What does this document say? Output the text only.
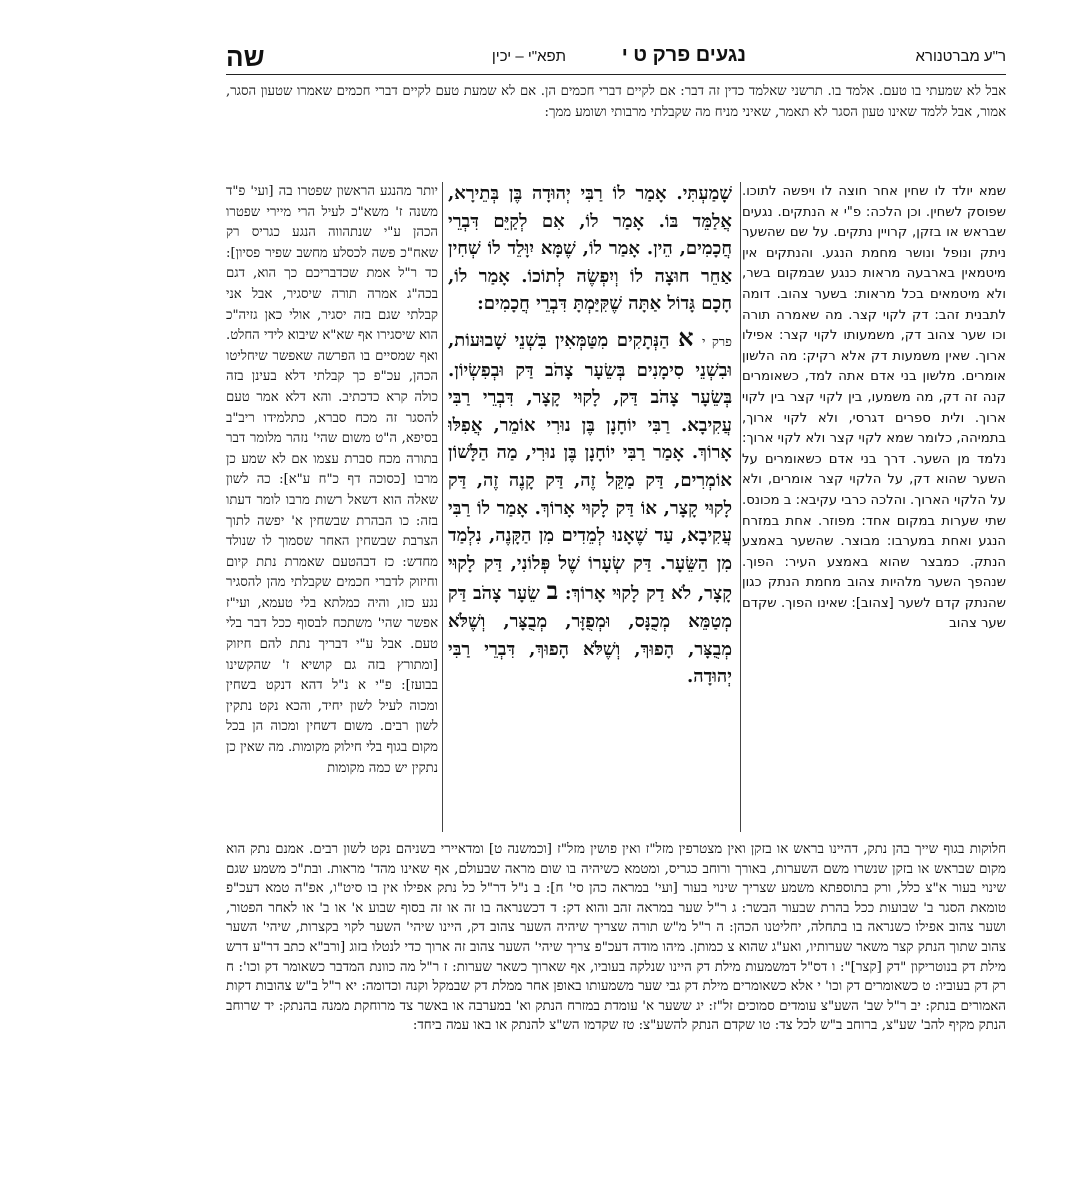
ר"ע מברטנורא
נגעים פרק ט י
תפא"י – יכין
שה
אבל לא שמעתי בו טעם. אלמד בו. תרשני שאלמד כדין זה דבר: אם לקיים דברי חכמים הן. אם לא שמעת טעם לקיים דברי חכמים שאמרו שטעון הסגר, אמור, אבל ללמד שאינו טעון הסגר לא תאמר, שאיני מניח מה שקבלתי מרבותי ושומע ממך:
שמא יולד לו שחין אחר חוצה לו ויפשה לתוכו. שפוסק לשחין. וכן הלכה: פ"י א הנתקים. נגעים שבראש או בזקן, קרויין נתקים. על שם שהשער ניתק ונופל ונושר מחמת הנגע. והנתקים אין מיטמאין בארבעה מראות כנגע שבמקום בשר, ולא מיטמאים בכל מראות: בשער צהוב. דומה לתבנית זהב: דק לקוי קצר. מה שאמרה תורה וכו שער צהוב דק, משמעותו לקוי קצר: אפילו ארוך. שאין משמעות דק אלא רקיק: מה הלשון אומרים. מלשון בני אדם אתה למד, כשאומרים קנה זה דק, מה משמעו, בין לקוי קצר בין לקוי ארוך. ולית ספרים דגרסי, ולא לקוי ארוך, בתמיהה, כלומר שמא לקוי קצר ולא לקוי ארוך: נלמד מן השער. דרך בני אדם כשאומרים על השער שהוא דק, על הלקוי קצר אומרים, ולא על הלקוי הארוך. והלכה כרבי עקיבא: ב מכונס. שתי שערות במקום אחד: מפוזר. אחת במזרח הנגע ואחת במערבו: מבוצר. שהשער באמצע הנתק. כמבצר שהוא באמצע העיר: הפוך. שנהפך השער מלהיות צהוב מחמת הנתק כגון שהנתק קדם לשער [צהוב]: שאינו הפוך. שקדם שער צהוב
יותר מהנגע הראשון שפטרו בה [ועי' פ"ד משנה ז' משא"כ לעיל הרי מיירי שפטרו הכהן ע"י שנתהווה הנגע כגריס רק שאח"כ פשה לכסלע מחשב שפיר פסיון]: כד ר"ל אמת שכדבריכם כך הוא, דגם בכה"ג אמרה תורה שיסגיר, אבל אני קבלתי שגם בזה יסגיר, אולי כאן גזיה"כ הוא שיסגירו אף שא"א שיבוא לידי החלט. ואף שמסיים בו הפרשה שאפשר שיחליטו הכהן, עכ"פ כך קבלתי דלא בעינן בזה כולה קרא כדכתיב. והא דלא אמר טעם להסגר זה מכח סברא, כתלמידו ריב"ב בסיפא, ה"ט משום שהי' נזהר מלומר דבר בתורה מכח סברת עצמו אם לא שמע כן מרבו [כסוכה דף כ"ח ע"א]: כה לשון שאלה הוא דשאל רשות מרבו לומר דעתו בזה: כו הבהרת שבשחין א' יפשה לתוך הצרבת שבשחין האחר שסמוך לו שנולד מחדש: כז דבהטעם שאמרת נתת קיום וחיזוק לדברי חכמים שקבלתי מהן להסגיר נגע כזו, והיה כמלתא בלי טעמא, ועי"ז אפשר שהי' משתכח לבסוף ככל דבר בלי טעם. אבל ע"י דבריך נתת להם חיזוק [ומתורץ בזה גם קושיא ז' שהקשינו בבועז]: פ"י א נ"ל דהא דנקט בשחין ומכוה לעיל לשון יחיד, והכא נקט נתקין לשון רבים. משום דשחין ומכוה הן בכל מקום בגוף בלי חילוק מקומות. מה שאין כן נתקין יש כמה מקומות
שָׁמַעְתִּי. אָמַר לוֹ רַבִּי יְהוּדָה בֶּן בְּתֵירָא, אֲלַמֵּד בּוֹ. אָמַר לוֹ, אִם לְקַיֵּם דִּבְרֵי חֲכָמִים, הֵין. אָמַר לוֹ, שֶׁמָּא יִוָּלֵד לוֹ שְׁחִין אַחֵר חוּצָה לוֹ וְיִפְשֶׂה לְתוֹכוֹ. אָמַר לוֹ, חָכָם גָּדוֹל אַתָּה שֶׁקִּיַּמְתָּ דִּבְרֵי חֲכָמִים:
פרק י א הַנְּתָקִים מִטַּמְּאִין בִּשְׁנֵי שָׁבוּעוֹת, וּבִשְׁנֵי סִימָנִים בְּשֵׂעָר צָהֹב דַּק וּבְפִשְׂיוֹן. בְּשֵׂעָר צָהֹב דַּק, לָקוּי קָצָר, דִּבְרֵי רַבִּי עֲקִיבָא. רַבִּי יוֹחָנָן בֶּן נוּרִי אוֹמֵר, אֲפִלּוּ אָרוֹךְ. אָמַר רַבִּי יוֹחָנָן בֶּן נוּרִי, מַה הַלָּשׁוֹן אוֹמְרִים, דַּק מַקֵּל זֶה, דַּק קָנֶה זֶה, דַּק לָקוּי קָצָר, אוֹ דַּק לָקוּי אָרוֹךְ. אָמַר לוֹ רַבִּי עֲקִיבָא, עַד שֶׁאָנוּ לְמֵדִים מִן הַקָּנֶה, נִלְמַד מִן הַשֵּׂעָר. דַּק שְׂעָרוֹ שֶׁל פְּלוֹנִי, דַּק לָקוּי קָצָר, לֹא דַק לָקוּי אָרוֹךְ: ב שֵׂעָר צָהֹב דַּק מְטַמֵּא מְכֻנָּס, וּמְפֻזָּר, מְבֻצָּר, וְשֶׁלֹּא מְבֻצָּר, הָפוּךְ, וְשֶׁלֹּא הָפוּךְ, דִּבְרֵי רַבִּי יְהוּדָה.
חלוקות בגוף שייך בהן נתק, דהיינו בראש או בזקן ואין מצטרפין מזל"ז ואין פושין מזל"ז [וכמשנה ט] ומדאיירי בשניהם נקט לשון רבים. אמנם נתק הוא מקום שבראש או בזקן שנשרו משם השערות, באורך ורוחב כגריס, ומטמא כשיהיה בו שום מראה שבעולם, אף שאינו מהד' מראות. ובת"כ משמע שגם שינוי בעור א"צ כלל, ורק בתוספתא משמע שצריך שינוי בעור [ועי' במראה כהן סי' ח]: ב נ"ל דר"ל כל נתק אפילו אין בו סיט"ו, אפ"ה טמא דעכ"פ טומאת הסגר ב' שבועות ככל בהרת שבעור הבשר: ג ר"ל שער במראה זהב והוא דק: ד דכשנראה בו זה או זה בסוף שבוע א' או ב' או לאחר הפטור, ושער צהוב אפילו כשנראה בו בתחלה, יחליטנו הכהן: ה ר"ל מ"ש תורה שצריך שיהיה השער צהוב דק, היינו שיהי' השער לקוי בקצרות, שיהי' השער צהוב שתוך הנתק קצר משאר שערותיו, ואע"ג שהוא צ כמותן. מיהו מודה דעכ"פ צריך שיהי' השער צהוב זה ארוך כדי לנטלו בזוג [ורב"א כתב דר"ע דרש מילת דק בנוטריקון "דק [קצר]": ו דס"ל דמשמעות מילת דק היינו שנלקה בעוביו, אף שארוך כשאר שערות: ז ר"ל מה כוונת המדבר כשאומר דק וכו': ח רק דק בעוביו: ט כשאומרים דק וכו' י אלא כשאומרים מילת דק גבי שער משמעותו באופן אחר ממלת דק שבמקל וקנה וכדומה: יא ר"ל ב"ש צהובות דקות האמורים בנתק: יב ר"ל שב' השע"צ עומדים סמוכים זל"ז: יג ששער א' עומדת במזרח הנתק וא' במערבה או באשר צד מרוחקת ממנה בהנתק: יד שרוחב הנתק מקיף להב' שע"צ, ברוחב ב"ש לכל צד: טו שקדם הנתק להשע"צ: טז שקדמו הש"צ להנתק או באו עמה ביחד:
